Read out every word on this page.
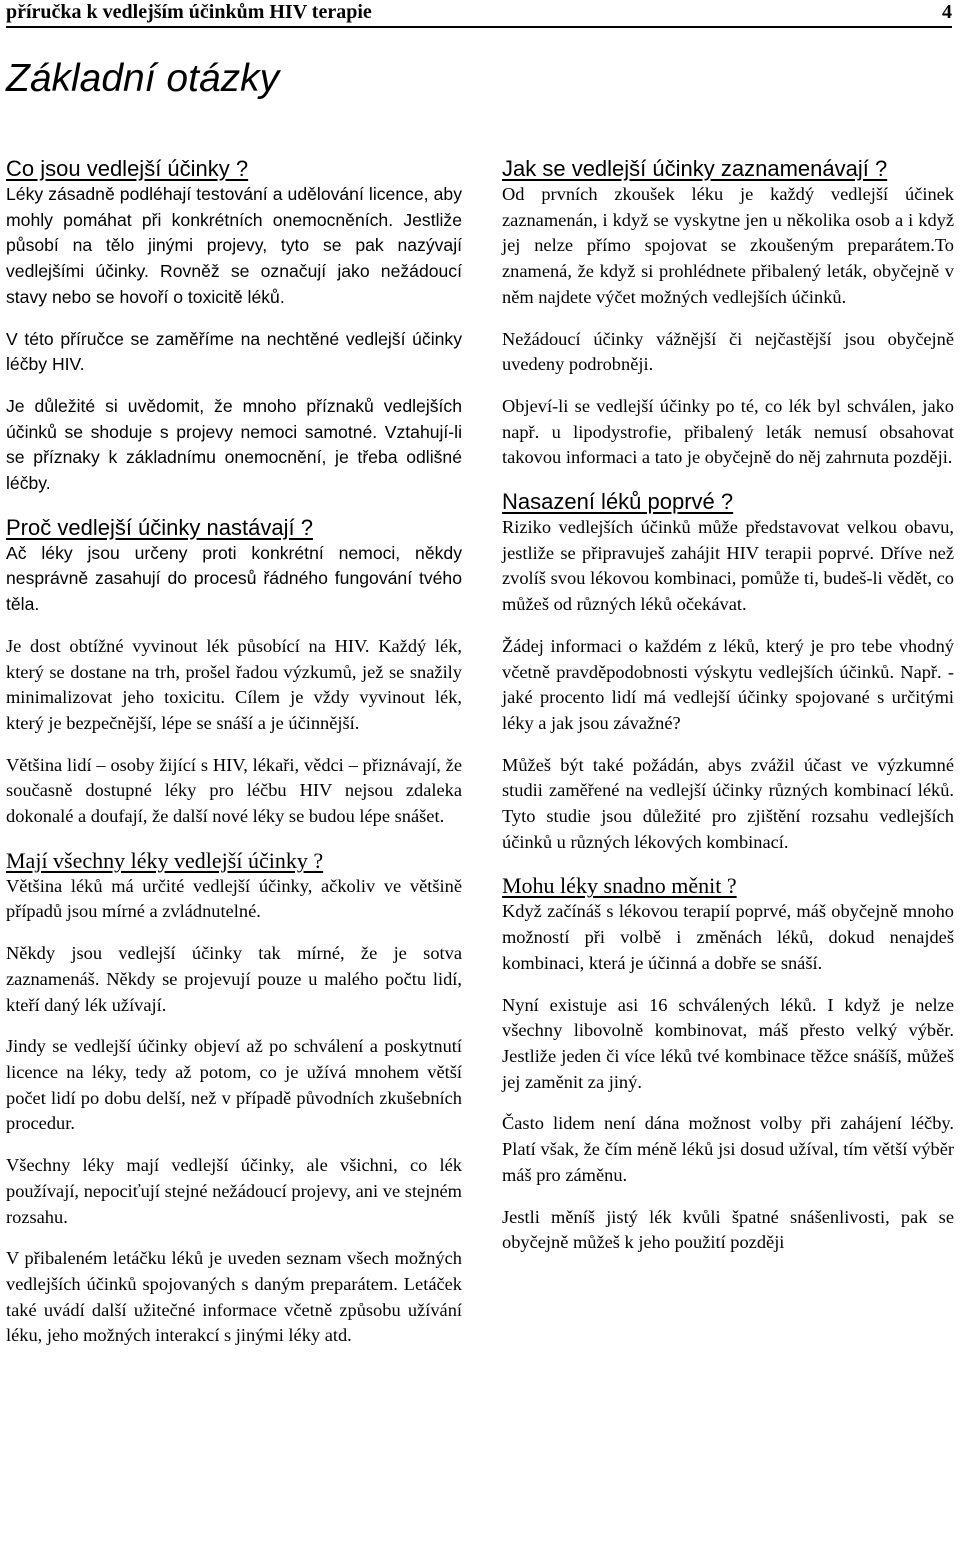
příručka k vedlejším účinkům HIV terapie	4
Základní otázky
Co jsou vedlejší účinky ?

Léky zásadně podléhají testování a udělování licence, aby mohly pomáhat při konkrétních onemocněních. Jestliže působí na tělo jinými projevy, tyto se pak nazývají vedlejšími účinky. Rovněž se označují jako nežádoucí stavy nebo se hovoří o toxicitě léků.

V této příručce se zaměříme na nechtěné vedlejší účinky léčby HIV.

Je důležité si uvědomit, že mnoho příznaků vedlejších účinků se shoduje s projevy nemoci samotné. Vztahují-li se příznaky k základnímu onemocnění, je třeba odlišné léčby.

Proč vedlejší účinky nastávají ?

Ač léky jsou určeny proti konkrétní nemoci, někdy nesprávně zasahují do procesů řádného fungování tvého těla.

Je dost obtížné vyvinout lék působící na HIV. Každý lék, který se dostane na trh, prošel řadou výzkumů, jež se snažily minimalizovat jeho toxicitu. Cílem je vždy vyvinout lék, který je bezpečnější, lépe se snáší a je účinnější.

Většina lidí – osoby žijící s HIV, lékaři, vědci – přiznávají, že současně dostupné léky pro léčbu HIV nejsou zdaleka dokonalé a doufají, že další nové léky se budou lépe snášet.

Mají všechny léky vedlejší účinky ?

Většina léků má určité vedlejší účinky, ačkoliv ve většině případů jsou mírné a zvládnutelné.

Někdy jsou vedlejší účinky tak mírné, že je sotva zaznamenáš. Někdy se projevují pouze u malého počtu lidí, kteří daný lék užívají.

Jindy se vedlejší účinky objeví až po schválení a poskytnutí licence na léky, tedy až potom, co je užívá mnohem větší počet lidí po dobu delší, než v případě původních zkušebních procedur.

Všechny léky mají vedlejší účinky, ale všichni, co lék používají, nepociťují stejné nežádoucí projevy, ani ve stejném rozsahu.

V přibaleném letáčku léků je uveden seznam všech možných vedlejších účinků spojovaných s daným preparátem. Letáček také uvádí další užitečné informace včetně způsobu užívání léku, jeho možných interakcí s jinými léky atd.

Jak se vedlejší účinky zaznamenávají ?

Od prvních zkoušek léku je každý vedlejší účinek zaznamenán, i když se vyskytne jen u několika osob a i když jej nelze přímo spojovat se zkoušeným preparátem.To znamená, že když si prohlédnete přibalený leták, obyčejně v něm najdete výčet možných vedlejších účinků.

Nežádoucí účinky vážnější či nejčastější jsou obyčejně uvedeny podrobněji.

Objeví-li se vedlejší účinky po té, co lék byl schválen, jako např. u lipodystrofie, přibalený leták nemusí obsahovat takovou informaci a tato je obyčejně do něj zahrnuta později.

Nasazení léků poprvé ?

Riziko vedlejších účinků může představovat velkou obavu, jestliže se připravuješ zahájit HIV terapii poprvé. Dříve než zvolíš svou lékovou kombinaci, pomůže ti, budeš-li vědět, co můžeš od různých léků očekávat.

Žádej informaci o každém z léků, který je pro tebe vhodný včetně pravděpodobnosti výskytu vedlejších účinků. Např. - jaké procento lidí má vedlejší účinky spojované s určitými léky a jak jsou závažné?

Můžeš být také požádán, abys zvážil účast ve výzkumné studii zaměřené na vedlejší účinky různých kombinací léků. Tyto studie jsou důležité pro zjištění rozsahu vedlejších účinků u různých lékových kombinací.

Mohu léky snadno měnit ?

Když začínáš s lékovou terapií poprvé, máš obyčejně mnoho možností při volbě i změnách léků, dokud nenajdeš kombinaci, která je účinná a dobře se snáší.

Nyní existuje asi 16 schválených léků. I když je nelze všechny libovolně kombinovat, máš přesto velký výběr. Jestliže jeden či více léků tvé kombinace těžce snášíš, můžeš jej zaměnit za jiný.

Často lidem není dána možnost volby při zahájení léčby. Platí však, že čím méně léků jsi dosud užíval, tím větší výběr máš pro záměnu.

Jestli měníš jistý lék kvůli špatné snášenlivosti, pak se obyčejně můžeš k jeho použití později
